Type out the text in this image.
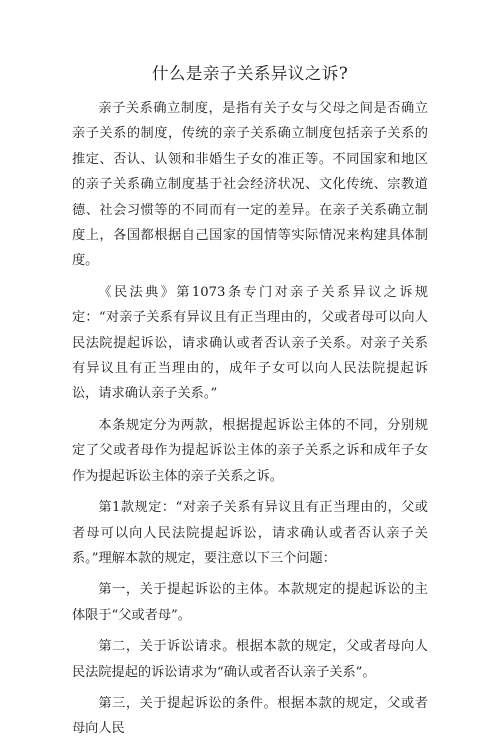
什么是亲子关系异议之诉?

亲子关系确立制度，是指有关子女与父母之间是否确立亲子关系的制度，传统的亲子关系确立制度包括亲子关系的推定、否认、认领和非婚生子女的准正等。不同国家和地区的亲子关系确立制度基于社会经济状况、文化传统、宗教道德、社会习惯等的不同而有一定的差异。在亲子关系确立制度上，各国都根据自己国家的国情等实际情况来构建具体制度。

《民法典》第1073条专门对亲子关系异议之诉规定：“对亲子关系有异议且有正当理由的，父或者母可以向人民法院提起诉讼，请求确认或者否认亲子关系。对亲子关系有异议且有正当理由的，成年子女可以向人民法院提起诉讼，请求确认亲子关系。”

本条规定分为两款，根据提起诉讼主体的不同，分别规定了父或者母作为提起诉讼主体的亲子关系之诉和成年子女作为提起诉讼主体的亲子关系之诉。

第1款规定：“对亲子关系有异议且有正当理由的，父或者母可以向人民法院提起诉讼，请求确认或者否认亲子关系。”理解本款的规定，要注意以下三个问题：

第一，关于提起诉讼的主体。本款规定的提起诉讼的主体限于“父或者母”。

第二，关于诉讼请求。根据本款的规定，父或者母向人民法院提起的诉讼请求为“确认或者否认亲子关系”。

第三，关于提起诉讼的条件。根据本款的规定，父或者母向人民
